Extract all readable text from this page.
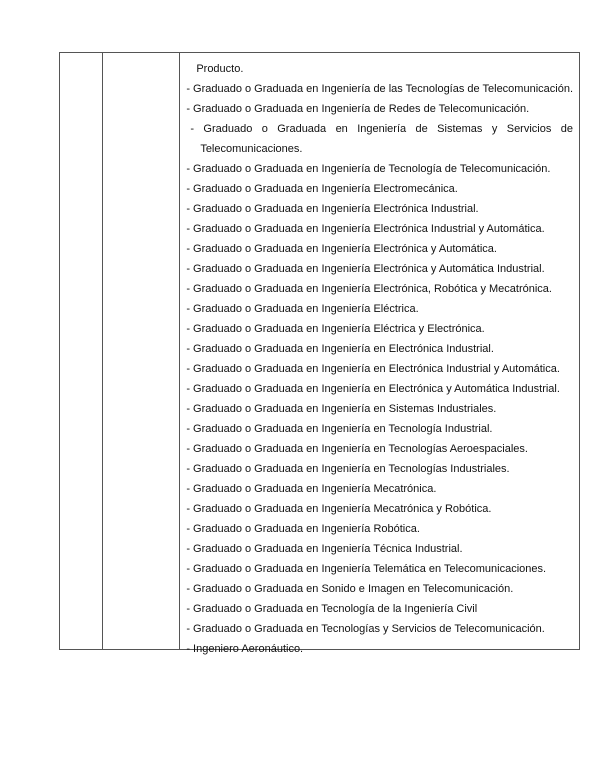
Producto.
- Graduado o Graduada en Ingeniería de las Tecnologías de Telecomunicación.
- Graduado o Graduada en Ingeniería de Redes de Telecomunicación.
- Graduado o Graduada en Ingeniería de Sistemas y Servicios de
Telecomunicaciones.
- Graduado o Graduada en Ingeniería de Tecnología de Telecomunicación.
- Graduado o Graduada en Ingeniería Electromecánica.
- Graduado o Graduada en Ingeniería Electrónica Industrial.
- Graduado o Graduada en Ingeniería Electrónica Industrial y Automática.
- Graduado o Graduada en Ingeniería Electrónica y Automática.
- Graduado o Graduada en Ingeniería Electrónica y Automática Industrial.
- Graduado o Graduada en Ingeniería Electrónica, Robótica y Mecatrónica.
- Graduado o Graduada en Ingeniería Eléctrica.
- Graduado o Graduada en Ingeniería Eléctrica y Electrónica.
- Graduado o Graduada en Ingeniería en Electrónica Industrial.
- Graduado o Graduada en Ingeniería en Electrónica Industrial y Automática.
- Graduado o Graduada en Ingeniería en Electrónica y Automática Industrial.
- Graduado o Graduada en Ingeniería en Sistemas Industriales.
- Graduado o Graduada en Ingeniería en Tecnología Industrial.
- Graduado o Graduada en Ingeniería en Tecnologías Aeroespaciales.
- Graduado o Graduada en Ingeniería en Tecnologías Industriales.
- Graduado o Graduada en Ingeniería Mecatrónica.
- Graduado o Graduada en Ingeniería Mecatrónica y Robótica.
- Graduado o Graduada en Ingeniería Robótica.
- Graduado o Graduada en Ingeniería Técnica Industrial.
- Graduado o Graduada en Ingeniería Telemática en Telecomunicaciones.
- Graduado o Graduada en Sonido e Imagen en Telecomunicación.
- Graduado o Graduada en Tecnología de la Ingeniería Civil
- Graduado o Graduada en Tecnologías y Servicios de Telecomunicación.
- Ingeniero Aeronáutico.
